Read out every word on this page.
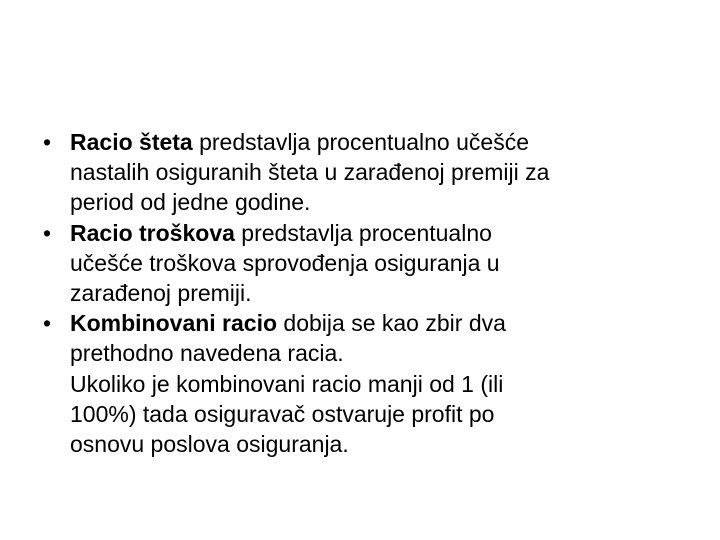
• Racio šteta predstavlja procentualno učešće
nastalih osiguranih šteta u zarađenoj premiji za
period od jedne godine.
• Racio troškova predstavlja procentualno
učešće troškova sprovođenja osiguranja u
zarađenoj premiji.
• Kombinovani racio dobija se kao zbir dva
prethodno navedena racia.
Ukoliko je kombinovani racio manji od 1 (ili
100%) tada osiguravač ostvaruje profit po
osnovu poslova osiguranja.
